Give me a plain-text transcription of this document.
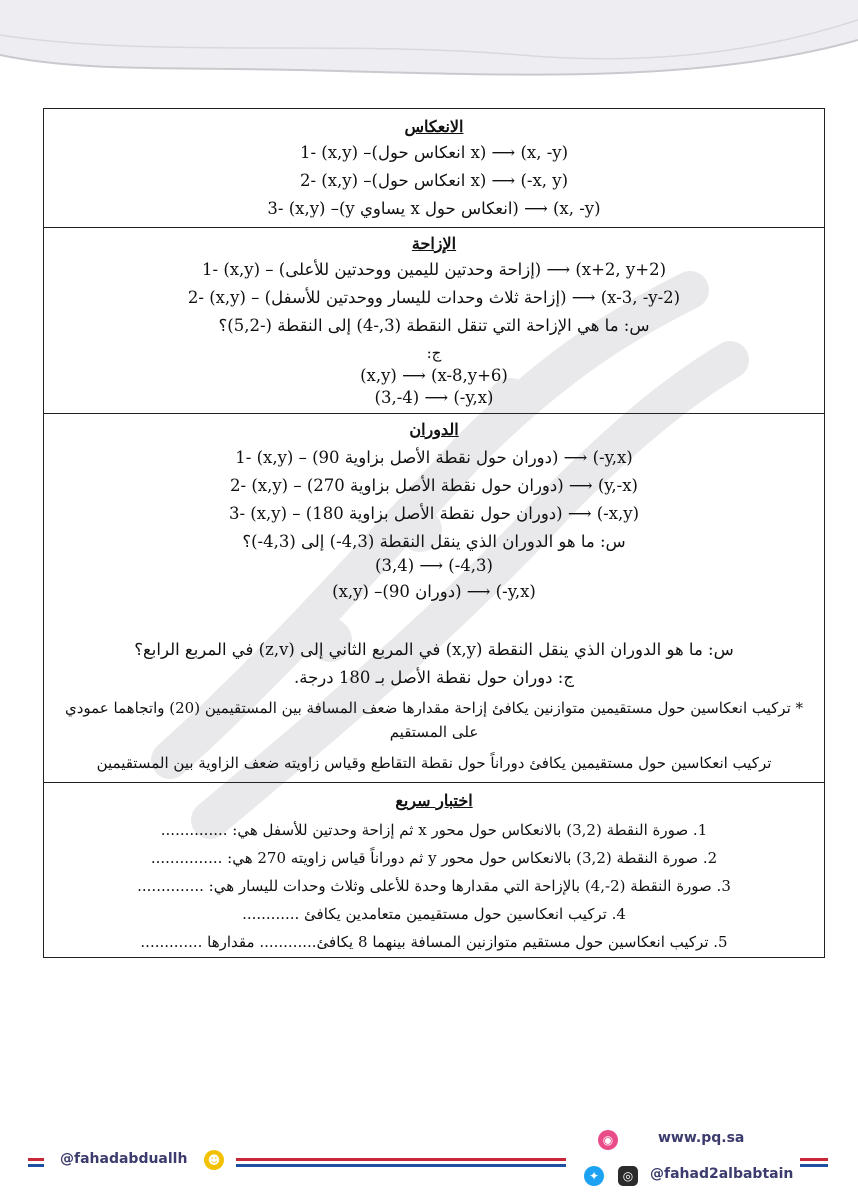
الانعكاس
1- (x,y) –(انعكاس حول x) ⟶ (x, -y)
2- (x,y) –(انعكاس حول x) ⟶ (-x, y)
3- (x,y) –(y يساوي x انعكاس حول) ⟶ (x, -y)
الإزاحة
1- (x,y) – (إزاحة وحدتين لليمين ووحدتين للأعلى) ⟶ (x+2, y+2)
2- (x,y) – (إزاحة ثلاث وحدات لليسار ووحدتين للأسفل) ⟶ (x-3, -y-2)
س: ما هي الإزاحة التي تنقل النقطة (3,-4) إلى النقطة (-5,2)؟
ج:
(x,y) ⟶ (x-8,y+6)
(3,-4) ⟶ (-y,x)
الدوران
1- (x,y) – (دوران حول نقطة الأصل بزاوية 90) ⟶ (-y,x)
2- (x,y) – (دوران حول نقطة الأصل بزاوية 270) ⟶ (y,-x)
3- (x,y) – (دوران حول نقطة الأصل بزاوية 180) ⟶ (-x,y)
س: ما هو الدوران الذي ينقل النقطة (4,3-) إلى (4,3-)؟
(3,4) ⟶ (-4,3)
(x,y) –(دوران 90) ⟶ (-y,x)
س: ما هو الدوران الذي ينقل النقطة (x,y) في المربع الثاني إلى (z,v) في المربع الرابع؟
ج: دوران حول نقطة الأصل بـ 180 درجة.
* تركيب انعكاسين حول مستقيمين متوازنين يكافئ إزاحة مقدارها ضعف المسافة بين المستقيمين (20) واتجاهما عمودي على المستقيم
تركيب انعكاسين حول مستقيمين يكافئ دوراناً حول نقطة التقاطع وقياس زاويته ضعف الزاوية بين المستقيمين
اختبار سريع
1. صورة النقطة (3,2) بالانعكاس حول محور x ثم إزاحة وحدتين للأسفل هي: ..............
2. صورة النقطة (3,2) بالانعكاس حول محور y ثم دوراناً قياس زاويته 270 هي: ...............
3. صورة النقطة (2-,4) بالإزاحة التي مقدارها وحدة للأعلى وثلاث وحدات لليسار هي: ..............
4. تركيب انعكاسين حول مستقيمين متعامدين يكافئ ............
5. تركيب انعكاسين حول مستقيم متوازنين المسافة بينهما 8 يكافئ............ مقدارها .............
@fahadabduallh	☻
◉	www.pq.sa
✦	◎	@fahad2albabtain
